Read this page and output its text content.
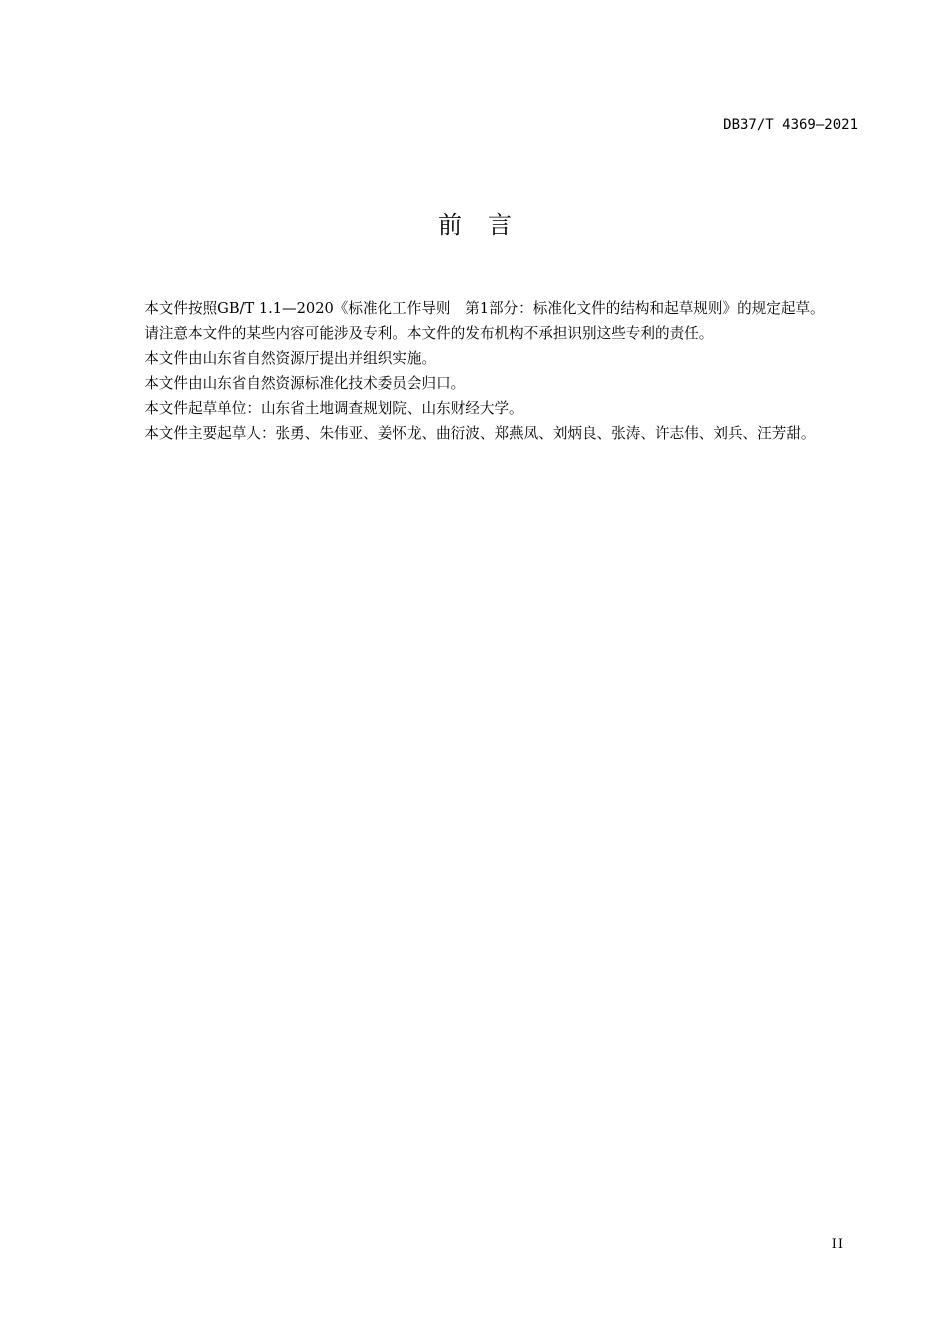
DB37/T 4369—2021
前言

本文件按照GB/T 1.1—2020《标准化工作导则　第1部分：标准化文件的结构和起草规则》的规定起草。

请注意本文件的某些内容可能涉及专利。本文件的发布机构不承担识别这些专利的责任。

本文件由山东省自然资源厅提出并组织实施。

本文件由山东省自然资源标准化技术委员会归口。

本文件起草单位：山东省土地调查规划院、山东财经大学。

本文件主要起草人：张勇、朱伟亚、姜怀龙、曲衍波、郑燕凤、刘炳良、张涛、许志伟、刘兵、汪芳甜。

II
